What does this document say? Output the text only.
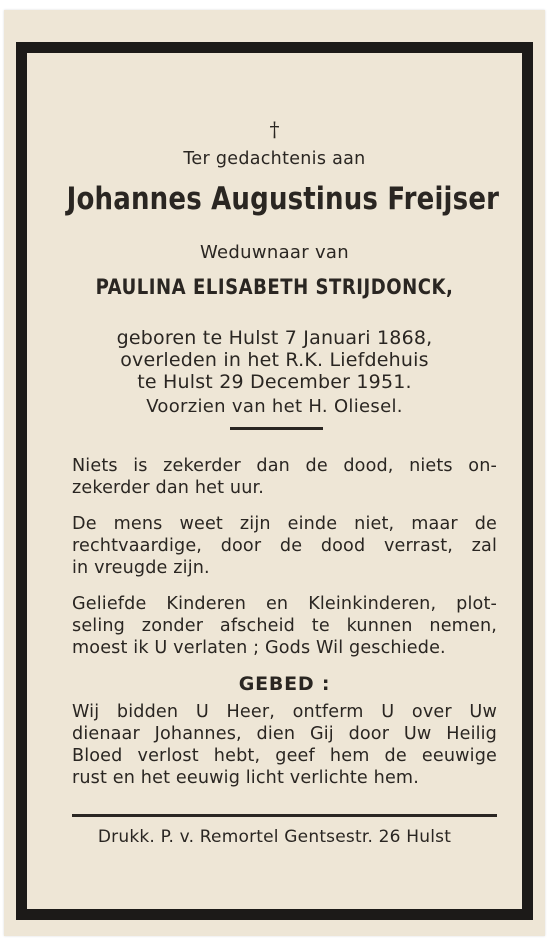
†
Ter gedachtenis aan
Johannes Augustinus Freijser
Weduwnaar van
PAULINA ELISABETH STRIJDONCK,
geboren te Hulst 7 Januari 1868,
overleden in het R.K. Liefdehuis
te Hulst 29 December 1951.
Voorzien van het H. Oliesel.
Niets is zekerder dan de dood, niets on-
zekerder dan het uur.
De mens weet zijn einde niet, maar de
rechtvaardige, door de dood verrast, zal
in vreugde zijn.
Geliefde Kinderen en Kleinkinderen, plot-
seling zonder afscheid te kunnen nemen,
moest ik U verlaten ; Gods Wil geschiede.
GEBED :
Wij bidden U Heer, ontferm U over Uw
dienaar Johannes, dien Gij door Uw Heilig
Bloed verlost hebt, geef hem de eeuwige
rust en het eeuwig licht verlichte hem.
Drukk. P. v. Remortel Gentsestr. 26 Hulst
